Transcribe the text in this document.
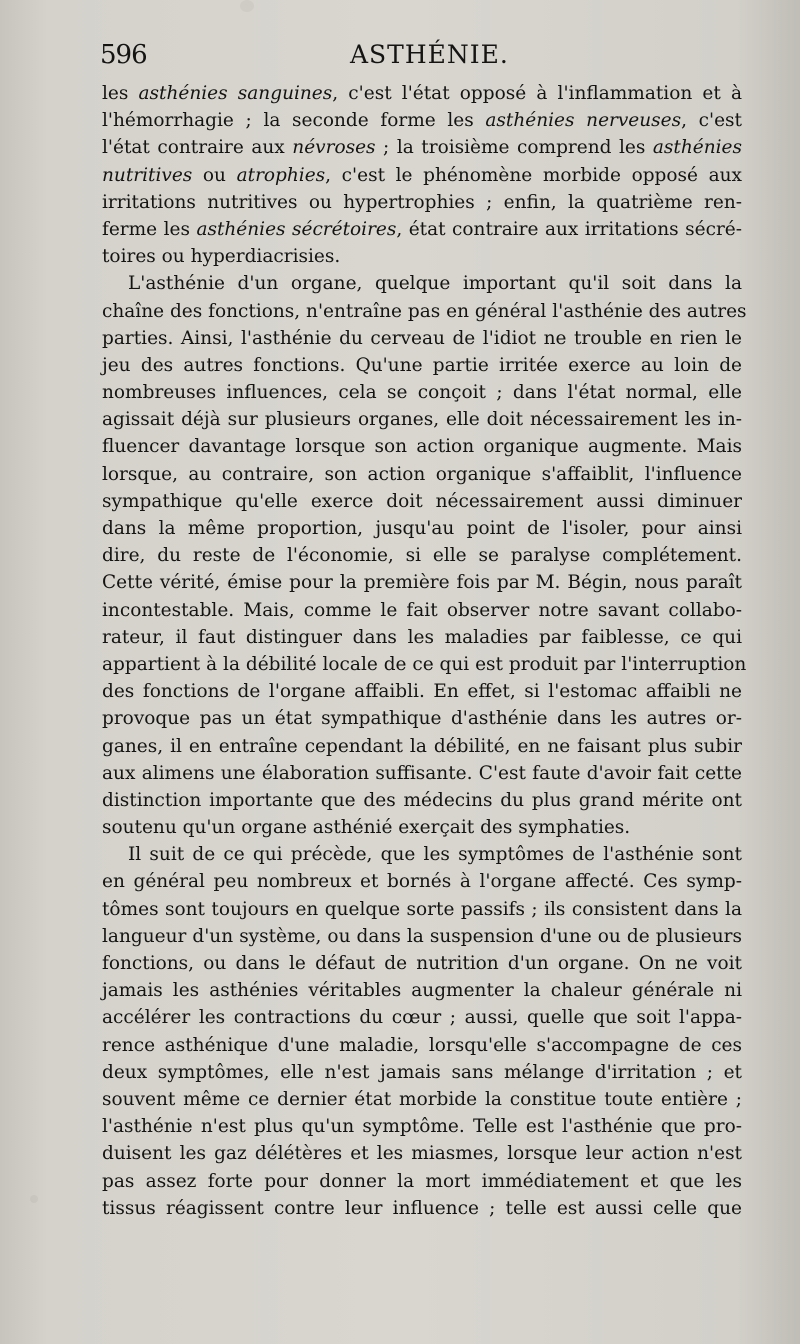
596	ASTHÉNIE.
les asthénies sanguines, c'est l'état opposé à l'inflammation et à
l'hémorrhagie ; la seconde forme les asthénies nerveuses, c'est
l'état contraire aux névroses ; la troisième comprend les asthénies
nutritives ou atrophies, c'est le phénomène morbide opposé aux
irritations nutritives ou hypertrophies ; enfin, la quatrième ren-
ferme les asthénies sécrétoires, état contraire aux irritations sécré-
toires ou hyperdiacrisies.
L'asthénie d'un organe, quelque important qu'il soit dans la
chaîne des fonctions, n'entraîne pas en général l'asthénie des autres
parties. Ainsi, l'asthénie du cerveau de l'idiot ne trouble en rien le
jeu des autres fonctions. Qu'une partie irritée exerce au loin de
nombreuses influences, cela se conçoit ; dans l'état normal, elle
agissait déjà sur plusieurs organes, elle doit nécessairement les in-
fluencer davantage lorsque son action organique augmente. Mais
lorsque, au contraire, son action organique s'affaiblit, l'influence
sympathique qu'elle exerce doit nécessairement aussi diminuer
dans la même proportion, jusqu'au point de l'isoler, pour ainsi
dire, du reste de l'économie, si elle se paralyse complétement.
Cette vérité, émise pour la première fois par M. Bégin, nous paraît
incontestable. Mais, comme le fait observer notre savant collabo-
rateur, il faut distinguer dans les maladies par faiblesse, ce qui
appartient à la débilité locale de ce qui est produit par l'interruption
des fonctions de l'organe affaibli. En effet, si l'estomac affaibli ne
provoque pas un état sympathique d'asthénie dans les autres or-
ganes, il en entraîne cependant la débilité, en ne faisant plus subir
aux alimens une élaboration suffisante. C'est faute d'avoir fait cette
distinction importante que des médecins du plus grand mérite ont
soutenu qu'un organe asthénié exerçait des symphaties.
Il suit de ce qui précède, que les symptômes de l'asthénie sont
en général peu nombreux et bornés à l'organe affecté. Ces symp-
tômes sont toujours en quelque sorte passifs ; ils consistent dans la
langueur d'un système, ou dans la suspension d'une ou de plusieurs
fonctions, ou dans le défaut de nutrition d'un organe. On ne voit
jamais les asthénies véritables augmenter la chaleur générale ni
accélérer les contractions du cœur ; aussi, quelle que soit l'appa-
rence asthénique d'une maladie, lorsqu'elle s'accompagne de ces
deux symptômes, elle n'est jamais sans mélange d'irritation ; et
souvent même ce dernier état morbide la constitue toute entière ;
l'asthénie n'est plus qu'un symptôme. Telle est l'asthénie que pro-
duisent les gaz délétères et les miasmes, lorsque leur action n'est
pas assez forte pour donner la mort immédiatement et que les
tissus réagissent contre leur influence ; telle est aussi celle que
